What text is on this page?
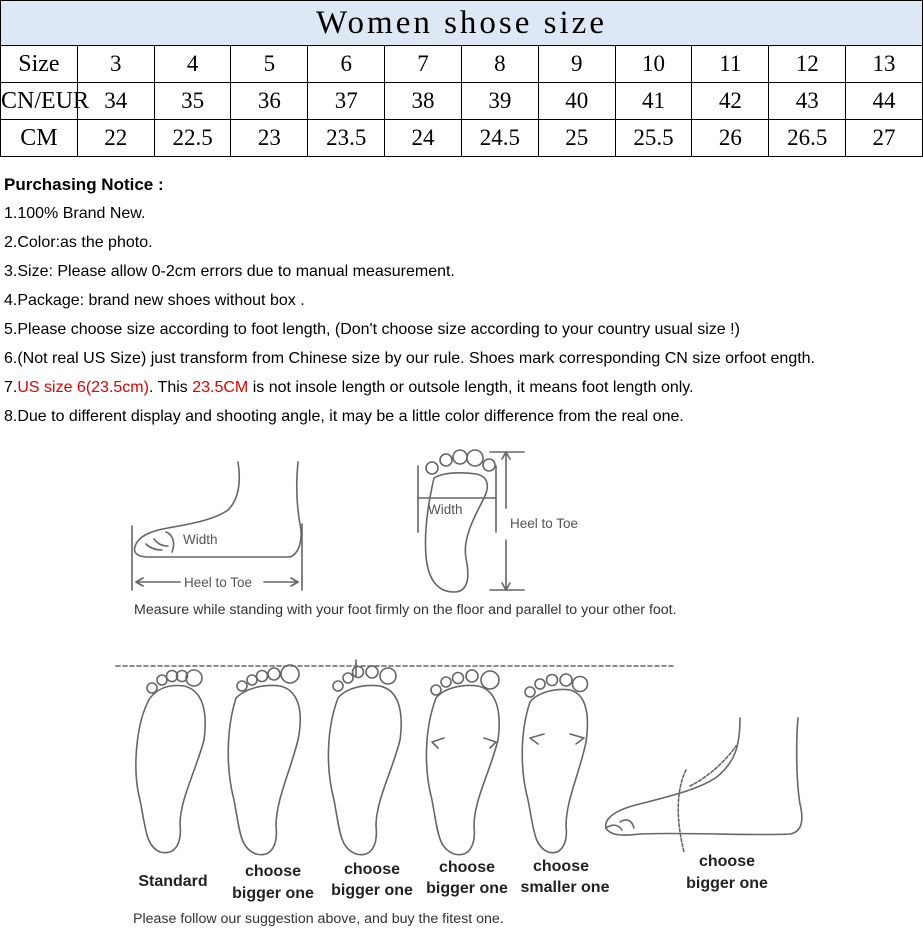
Women shose size											
Size	3	4	5	6	7	8	9	10	11	12	13
CN/EUR	34	35	36	37	38	39	40	41	42	43	44
CM	22	22.5	23	23.5	24	24.5	25	25.5	26	26.5	27
Purchasing Notice :
1.100% Brand New.
2.Color:as the photo.
3.Size: Please allow 0-2cm errors due to manual measurement.
4.Package: brand new shoes without box .
5.Please choose size according to foot length, (Don't choose size according to your country usual size !)
6.(Not real US Size) just transform from Chinese size by our rule. Shoes mark corresponding CN size orfoot ength.
7.US size 6(23.5cm). This 23.5CM is not insole length or outsole length, it means foot length only.
8.Due to different display and shooting angle, it may be a little color difference from the real one.
Width
Heel to Toe
Width
Heel to Toe
Measure while standing with your foot firmly on the floor and parallel to your other foot.
Standard
choose
bigger one
choose
bigger one
choose
bigger one
choose
smaller one
choose
bigger one
Please follow our suggestion above, and buy the fitest one.
